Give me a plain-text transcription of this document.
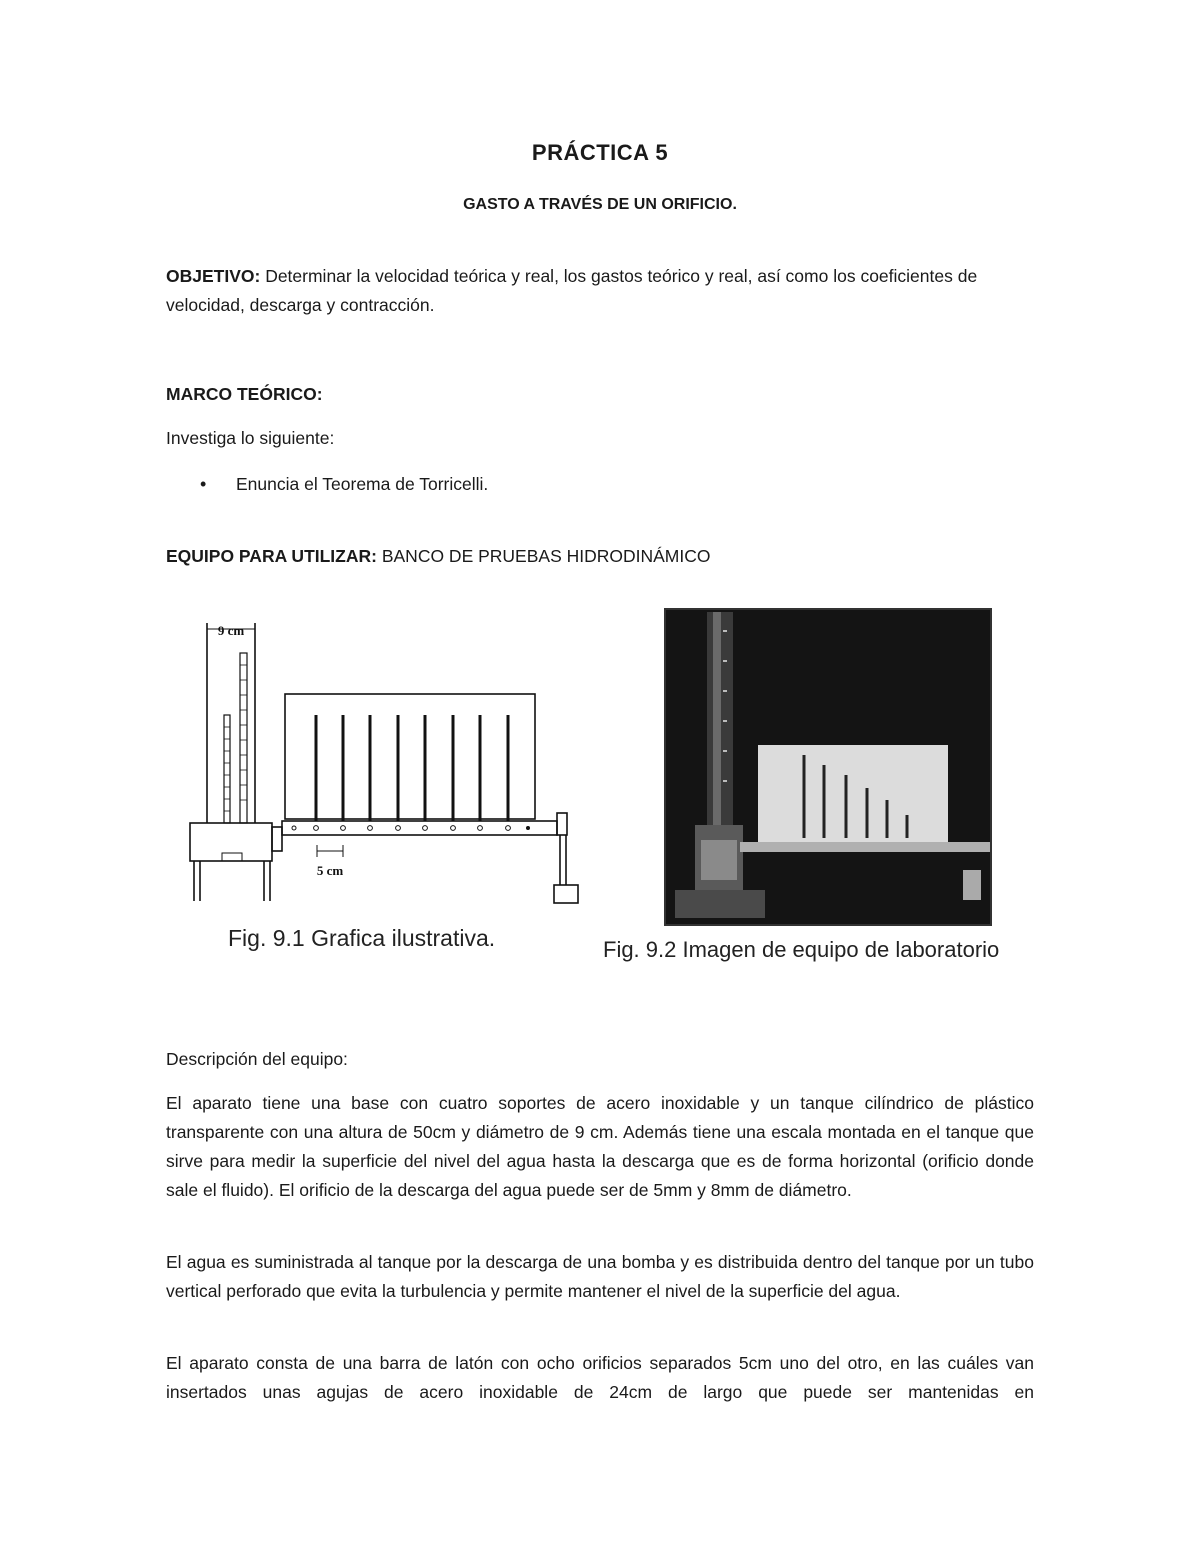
PRÁCTICA 5
GASTO A TRAVÉS DE UN ORIFICIO.
OBJETIVO: Determinar la velocidad teórica y real, los gastos teórico y real, así como los coeficientes de velocidad, descarga y contracción.
MARCO TEÓRICO:
Investiga lo siguiente:
• Enuncia el Teorema de Torricelli.
EQUIPO PARA UTILIZAR: BANCO DE PRUEBAS HIDRODINÁMICO
9 cm
5 cm
Fig. 9.1 Grafica ilustrativa.	Fig. 9.2 Imagen de equipo de laboratorio
Descripción del equipo:
El aparato tiene una base con cuatro soportes de acero inoxidable y un tanque cilíndrico de plástico transparente con una altura de 50cm y diámetro de 9 cm. Además tiene una escala montada en el tanque que sirve para medir la superficie del nivel del agua hasta la descarga que es de forma horizontal (orificio donde sale el fluido). El orificio de la descarga del agua puede ser de 5mm y 8mm de diámetro.
El agua es suministrada al tanque por la descarga de una bomba y es distribuida dentro del tanque por un tubo vertical perforado que evita la turbulencia y permite mantener el nivel de la superficie del agua.
El aparato consta de una barra de latón con ocho orificios separados 5cm uno del otro, en las cuáles van insertados unas agujas de acero inoxidable de 24cm de largo que puede ser mantenidas en
